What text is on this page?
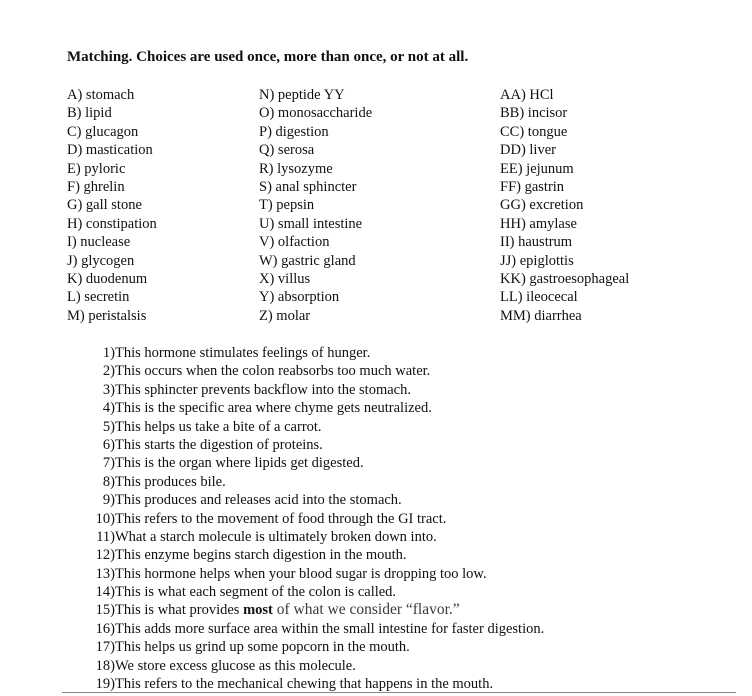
Matching. Choices are used once, more than once, or not at all.
A) stomach
B) lipid
C) glucagon
D) mastication
E) pyloric
F) ghrelin
G) gall stone
H) constipation
I) nuclease
J) glycogen
K) duodenum
L) secretin
M) peristalsis
N) peptide YY
O) monosaccharide
P) digestion
Q) serosa
R) lysozyme
S) anal sphincter
T) pepsin
U) small intestine
V) olfaction
W) gastric gland
X) villus
Y) absorption
Z) molar
AA) HCl
BB) incisor
CC) tongue
DD) liver
EE) jejunum
FF) gastrin
GG) excretion
HH) amylase
II) haustrum
JJ) epiglottis
KK) gastroesophageal
LL) ileocecal
MM) diarrhea
1) This hormone stimulates feelings of hunger.
2) This occurs when the colon reabsorbs too much water.
3) This sphincter prevents backflow into the stomach.
4) This is the specific area where chyme gets neutralized.
5) This helps us take a bite of a carrot.
6) This starts the digestion of proteins.
7) This is the organ where lipids get digested.
8) This produces bile.
9) This produces and releases acid into the stomach.
10) This refers to the movement of food through the GI tract.
11) What a starch molecule is ultimately broken down into.
12) This enzyme begins starch digestion in the mouth.
13) This hormone helps when your blood sugar is dropping too low.
14) This is what each segment of the colon is called.
15) This is what provides most of what we consider “flavor.”
16) This adds more surface area within the small intestine for faster digestion.
17) This helps us grind up some popcorn in the mouth.
18) We store excess glucose as this molecule.
19) This refers to the mechanical chewing that happens in the mouth.
